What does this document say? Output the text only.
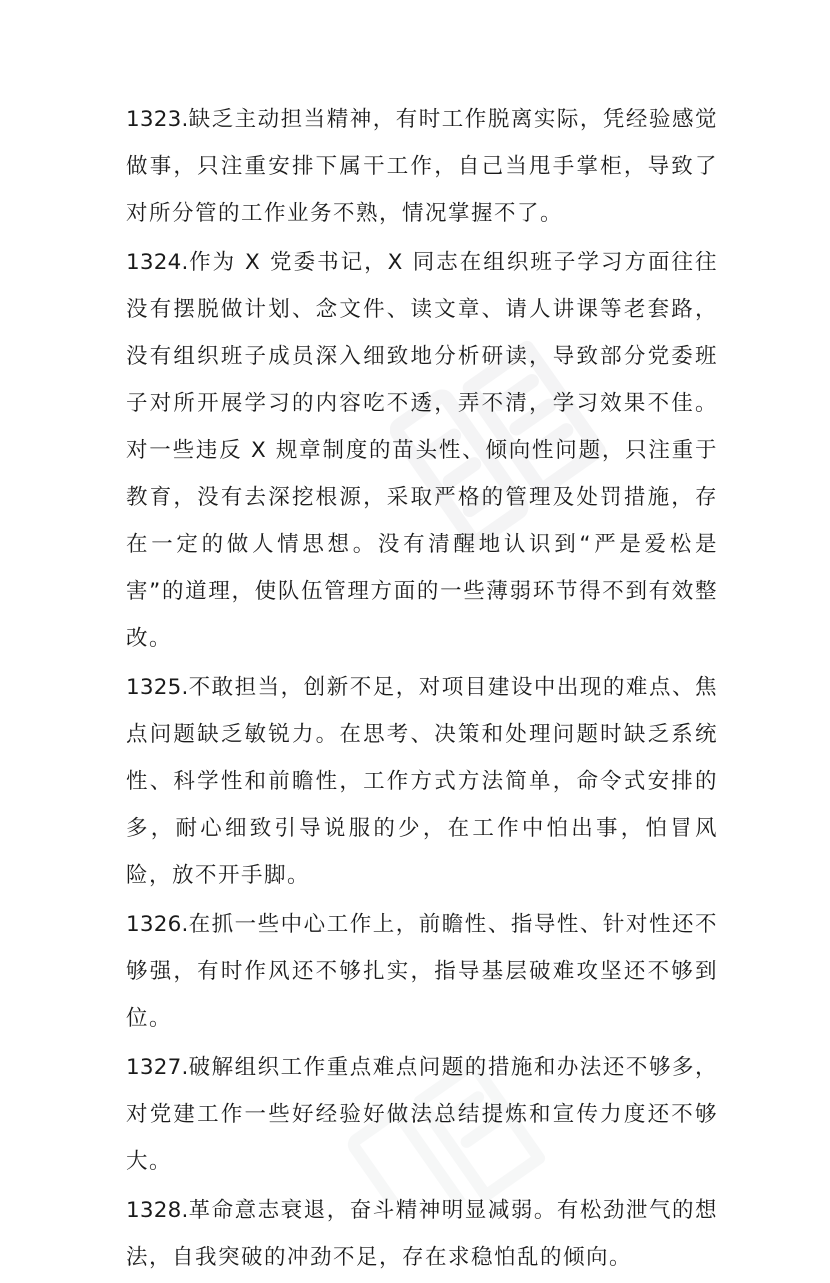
1323.缺乏主动担当精神，有时工作脱离实际，凭经验感觉做事，只注重安排下属干工作，自己当甩手掌柜，导致了对所分管的工作业务不熟，情况掌握不了。

1324.作为 X 党委书记，X 同志在组织班子学习方面往往没有摆脱做计划、念文件、读文章、请人讲课等老套路，没有组织班子成员深入细致地分析研读，导致部分党委班子对所开展学习的内容吃不透，弄不清，学习效果不佳。对一些违反 X 规章制度的苗头性、倾向性问题，只注重于教育，没有去深挖根源，采取严格的管理及处罚措施，存在一定的做人情思想。没有清醒地认识到“严是爱松是害”的道理，使队伍管理方面的一些薄弱环节得不到有效整改。

1325.不敢担当，创新不足，对项目建设中出现的难点、焦点问题缺乏敏锐力。在思考、决策和处理问题时缺乏系统性、科学性和前瞻性，工作方式方法简单，命令式安排的多，耐心细致引导说服的少，在工作中怕出事，怕冒风险，放不开手脚。

1326.在抓一些中心工作上，前瞻性、指导性、针对性还不够强，有时作风还不够扎实，指导基层破难攻坚还不够到位。

1327.破解组织工作重点难点问题的措施和办法还不够多，对党建工作一些好经验好做法总结提炼和宣传力度还不够大。

1328.革命意志衰退，奋斗精神明显减弱。有松劲泄气的想法，自我突破的冲劲不足，存在求稳怕乱的倾向。
